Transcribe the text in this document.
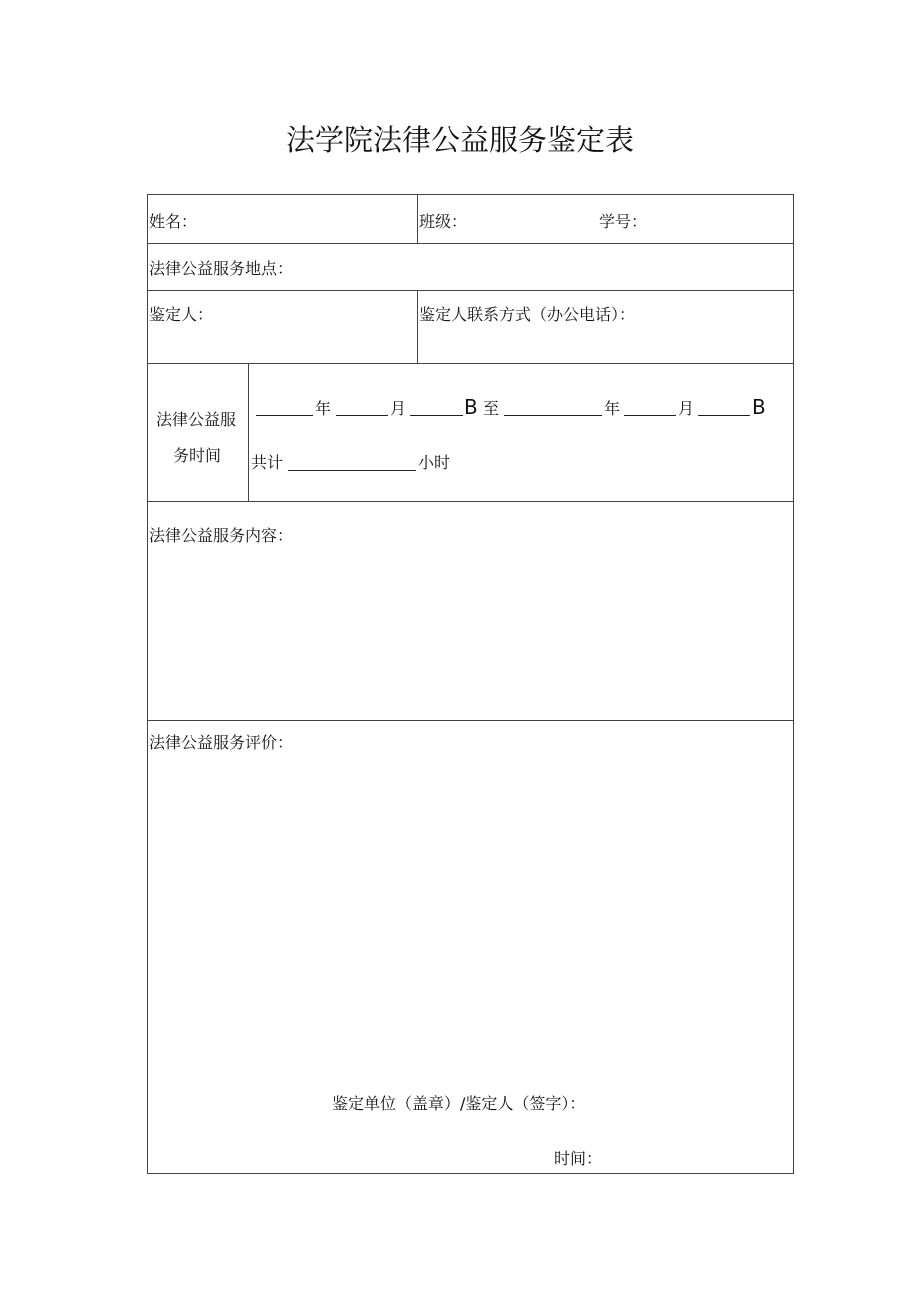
法学院法律公益服务鉴定表
姓名：	班级：	学号：
法律公益服务地点：
鉴定人：	鉴定人联系方式（办公电话）：
法律公益服
务时间
年	月	B 至	年	月	B
共计	小时
法律公益服务内容：
法律公益服务评价：
鉴定单位（盖章）/鉴定人（签字）：
时间：
